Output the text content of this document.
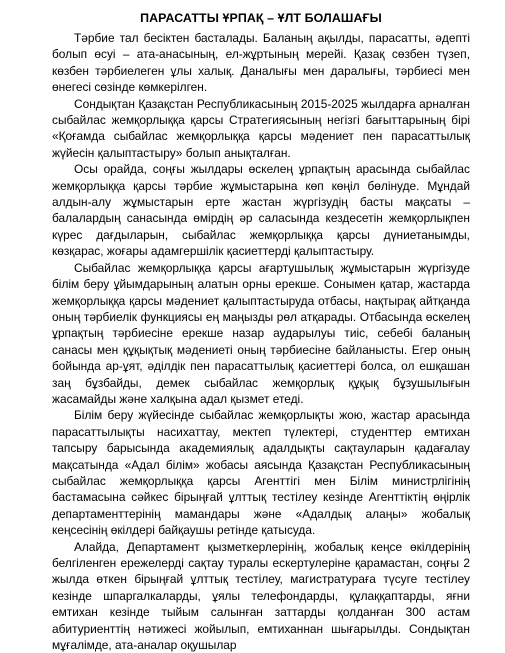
ПАРАСАТТЫ ҰРПАҚ – ҰЛТ БОЛАШАҒЫ

Тәрбие тал бесіктен басталады. Баланың ақылды, парасатты, әдепті болып өсуі – ата-анасының, ел-жұртының мерейі. Қазақ сөзбен түзеп, көзбен тәрбиелеген ұлы халық. Даналығы мен даралығы, тәрбиесі мен өнегесі сөзінде көмкерілген.

Сондықтан Қазақстан Республикасының 2015-2025 жылдарға арналған сыбайлас жемқорлыққа қарсы Стратегиясының негізгі бағыттарының бірі «Қоғамда сыбайлас жемқорлыққа қарсы мәдениет пен парасаттылық жүйесін қалыптастыру» болып анықталған.

Осы орайда, соңғы жылдары өскелең ұрпақтың арасында сыбайлас жемқорлыққа қарсы тәрбие жұмыстарына көп көңіл бөлінуде. Мұндай алдын-алу жұмыстарын ерте жастан жүргізудің басты мақсаты – балалардың санасында өмірдің әр саласында кездесетін жемқорлықпен күрес дағдыларын, сыбайлас жемқорлыққа қарсы дүниетанымды, көзқарас, жоғары адамгершілік қасиеттерді қалыптастыру.

Сыбайлас жемқорлыққа қарсы ағартушылық жұмыстарын жүргізуде білім беру ұйымдарының алатын орны ерекше. Сонымен қатар, жастарда жемқорлыққа қарсы мәдениет қалыптастыруда отбасы, нақтырақ айтқанда оның тәрбиелік функциясы ең маңызды рөл атқарады. Отбасында өскелең ұрпақтың тәрбиесіне ерекше назар аударылуы тиіс, себебі баланың санасы мен құқықтық мәдениеті оның тәрбиесіне байланысты. Егер оның бойында ар-ұят, әділдік пен парасаттылық қасиеттері болса, ол ешқашан заң бұзбайды, демек сыбайлас жемқорлық құқық бұзушылығын жасамайды және халқына адал қызмет етеді.

Білім беру жүйесінде сыбайлас жемқорлықты жою, жастар арасында парасаттылықты насихаттау, мектеп түлектері, студенттер емтихан тапсыру барысында академиялық адалдықты сақтауларын қадағалау мақсатында «Адал білім» жобасы аясында Қазақстан Республикасының сыбайлас жемқорлыққа қарсы Агенттігі мен Білім министрлігінің бастамасына сәйкес бірыңғай ұлттық тестілеу кезінде Агенттіктің өңірлік департаменттерінің мамандары және «Адалдық алаңы» жобалық кеңсесінің өкілдері байқаушы ретінде қатысуда.

Алайда, Департамент қызметкерлерінің, жобалық кеңсе өкілдерінің белгіленген ережелерді сақтау туралы ескертулеріне қарамастан, соңғы 2 жылда өткен бірыңғай ұлттық тестілеу, магистратураға түсуге тестілеу кезінде шпаргалкаларды, ұялы телефондарды, құлаққаптарды, яғни емтихан кезінде тыйым салынған заттарды қолданған 300 астам абитуриенттің нәтижесі жойылып, емтиханнан шығарылды. Сондықтан мұғалімде, ата-аналар оқушылар
